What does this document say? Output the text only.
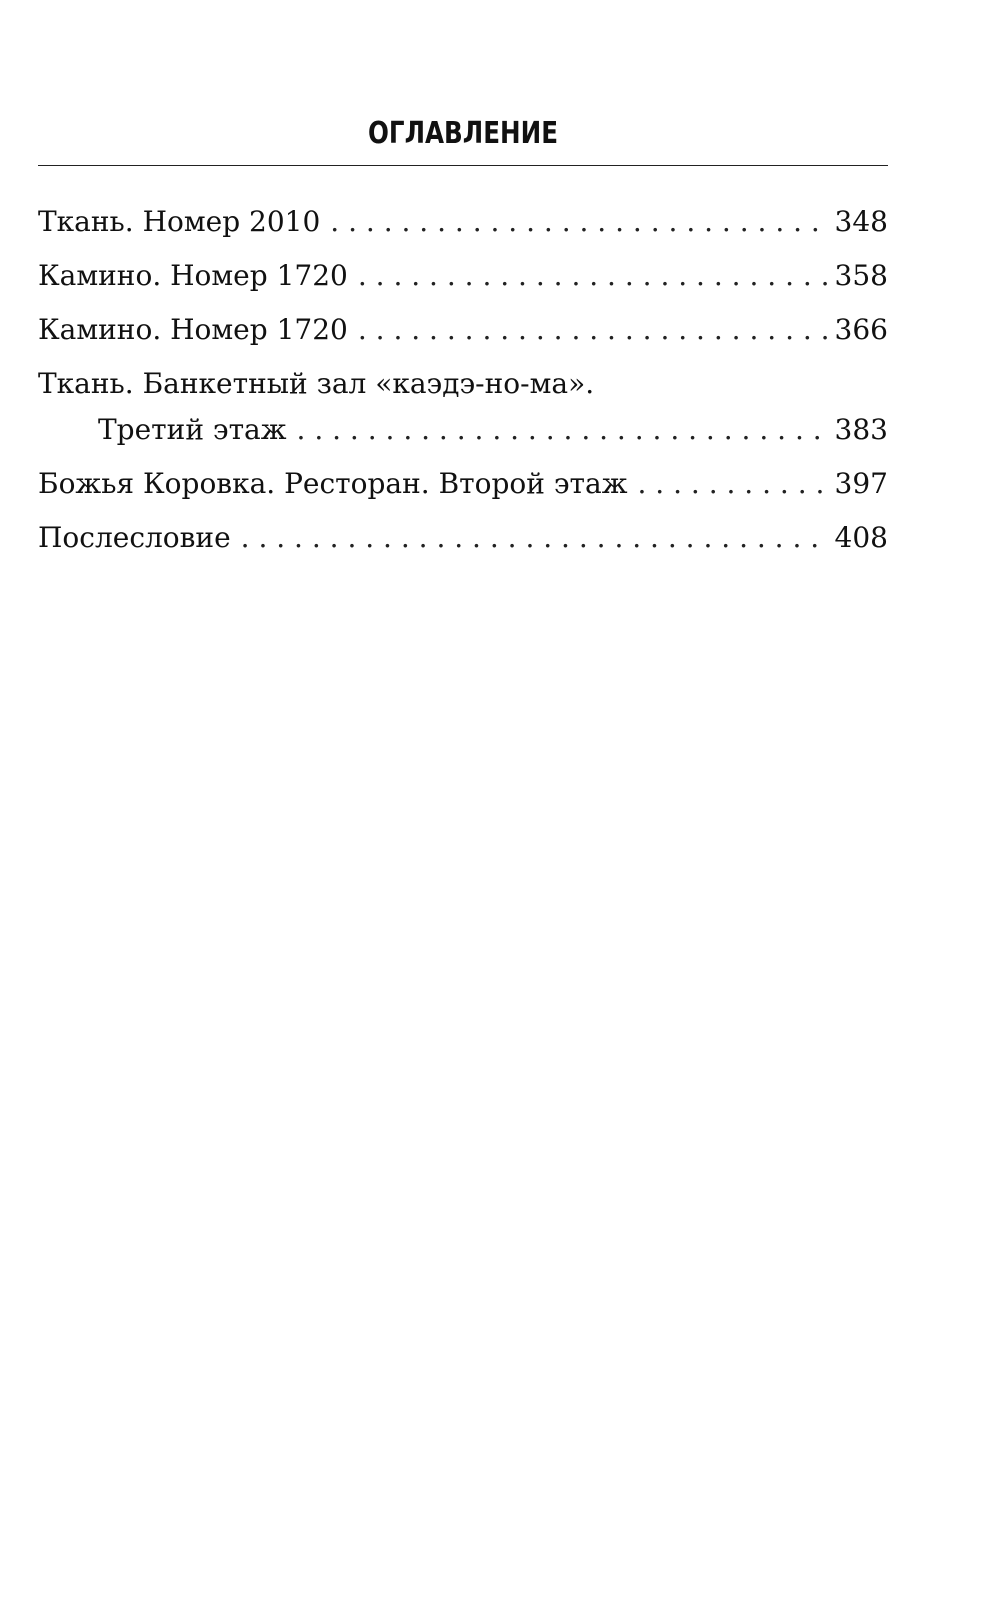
ОГЛАВЛЕНИЕ
Ткань. Номер 2010 . . .	348
Камино. Номер 1720 . . .	358
Камино. Номер 1720 . . .	366
Ткань. Банкетный зал «каэдэ-но-ма».
Третий этаж . . .	383
Божья Коровка. Ресторан. Второй этаж . . .	397
Послесловие . . .	408
